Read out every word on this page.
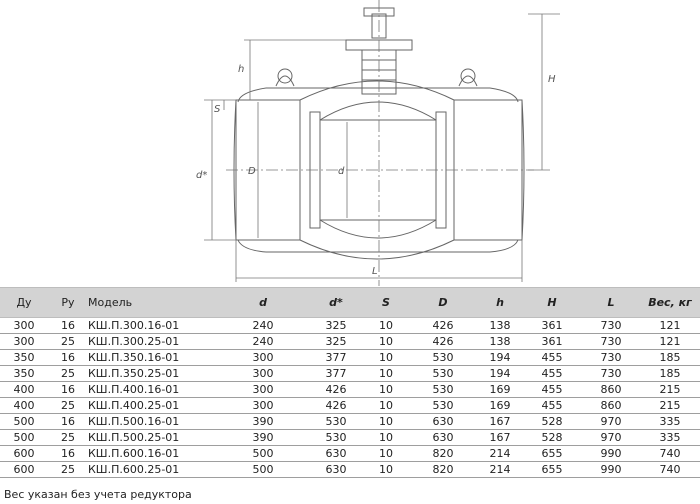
h
H
S
d*	D	d
L
Ду	Ру	Модель	d	d*	S	D	h	H	L	Вес, кг
300	16	КШ.П.300.16-01	240	325	10	426	138	361	730	121
300	25	КШ.П.300.25-01	240	325	10	426	138	361	730	121
350	16	КШ.П.350.16-01	300	377	10	530	194	455	730	185
350	25	КШ.П.350.25-01	300	377	10	530	194	455	730	185
400	16	КШ.П.400.16-01	300	426	10	530	169	455	860	215
400	25	КШ.П.400.25-01	300	426	10	530	169	455	860	215
500	16	КШ.П.500.16-01	390	530	10	630	167	528	970	335
500	25	КШ.П.500.25-01	390	530	10	630	167	528	970	335
600	16	КШ.П.600.16-01	500	630	10	820	214	655	990	740
600	25	КШ.П.600.25-01	500	630	10	820	214	655	990	740
Вес указан без учета редуктора
